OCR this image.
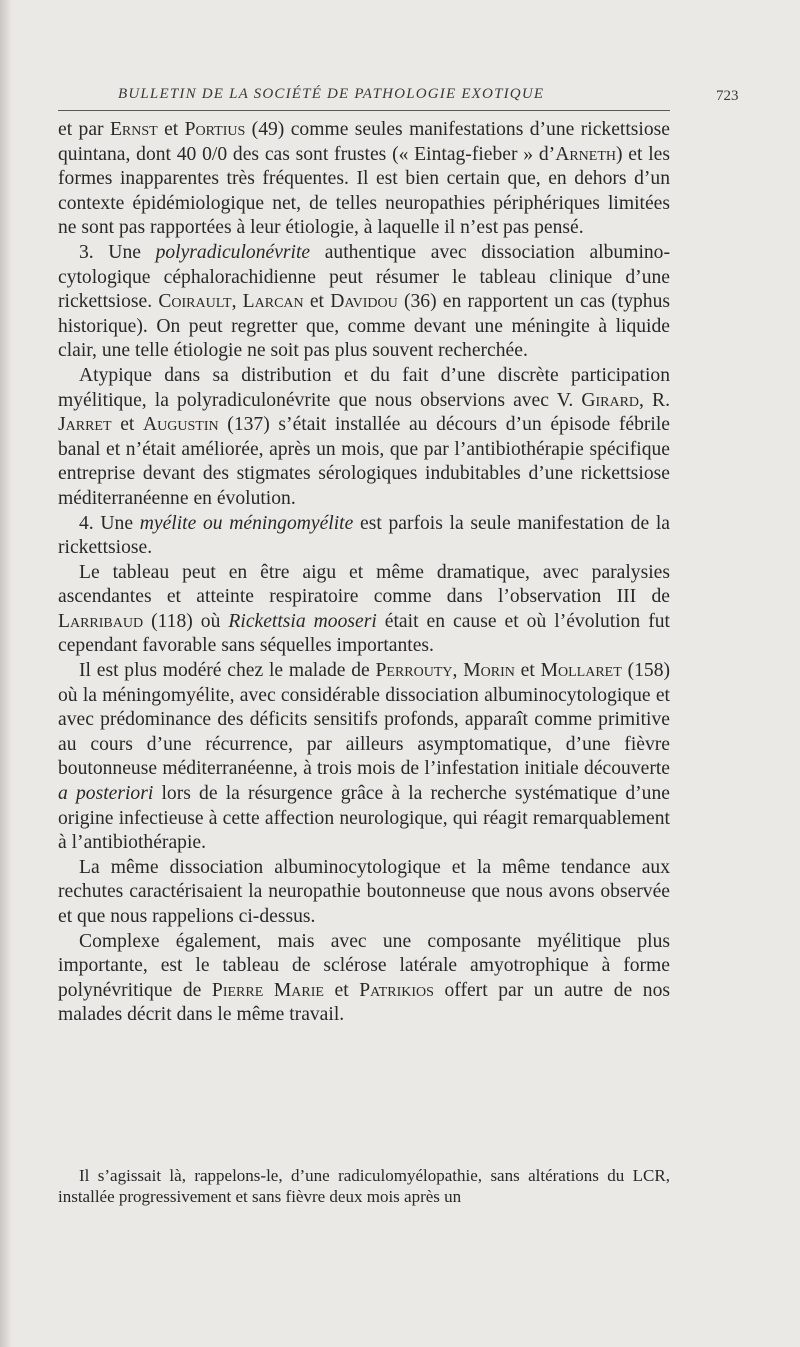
BULLETIN DE LA SOCIÉTÉ DE PATHOLOGIE EXOTIQUE	723

et par Ernst et Portius (49) comme seules manifestations d’une rickettsiose quintana, dont 40 0/0 des cas sont frustes (« Eintag-fieber » d’Arneth) et les formes inapparentes très fréquentes. Il est bien certain que, en dehors d’un contexte épidémiologique net, de telles neuropathies périphériques limitées ne sont pas rapportées à leur étiologie, à laquelle il n’est pas pensé.

3. Une polyradiculonévrite authentique avec dissociation albumino-cytologique céphalorachidienne peut résumer le tableau clinique d’une rickettsiose. Coirault, Larcan et Davidou (36) en rapportent un cas (typhus historique). On peut regretter que, comme devant une méningite à liquide clair, une telle étiologie ne soit pas plus souvent recherchée.

Atypique dans sa distribution et du fait d’une discrète participation myélitique, la polyradiculonévrite que nous observions avec V. Girard, R. Jarret et Augustin (137) s’était installée au décours d’un épisode fébrile banal et n’était améliorée, après un mois, que par l’antibiothérapie spécifique entreprise devant des stigmates sérologiques indubitables d’une rickettsiose méditerranéenne en évolution.

4. Une myélite ou méningomyélite est parfois la seule manifestation de la rickettsiose.

Le tableau peut en être aigu et même dramatique, avec paralysies ascendantes et atteinte respiratoire comme dans l’observation III de Larribaud (118) où Rickettsia mooseri était en cause et où l’évolution fut cependant favorable sans séquelles importantes.

Il est plus modéré chez le malade de Perrouty, Morin et Mollaret (158) où la méningomyélite, avec considérable dissociation albuminocytologique et avec prédominance des déficits sensitifs profonds, apparaît comme primitive au cours d’une récurrence, par ailleurs asymptomatique, d’une fièvre boutonneuse méditerranéenne, à trois mois de l’infestation initiale découverte a posteriori lors de la résurgence grâce à la recherche systématique d’une origine infectieuse à cette affection neurologique, qui réagit remarquablement à l’antibiothérapie.

La même dissociation albuminocytologique et la même tendance aux rechutes caractérisaient la neuropathie boutonneuse que nous avons observée et que nous rappelions ci-dessus.

Complexe également, mais avec une composante myélitique plus importante, est le tableau de sclérose latérale amyotrophique à forme polynévritique de Pierre Marie et Patrikios offert par un autre de nos malades décrit dans le même travail.

Il s’agissait là, rappelons-le, d’une radiculomyélopathie, sans altérations du LCR, installée progressivement et sans fièvre deux mois après un
